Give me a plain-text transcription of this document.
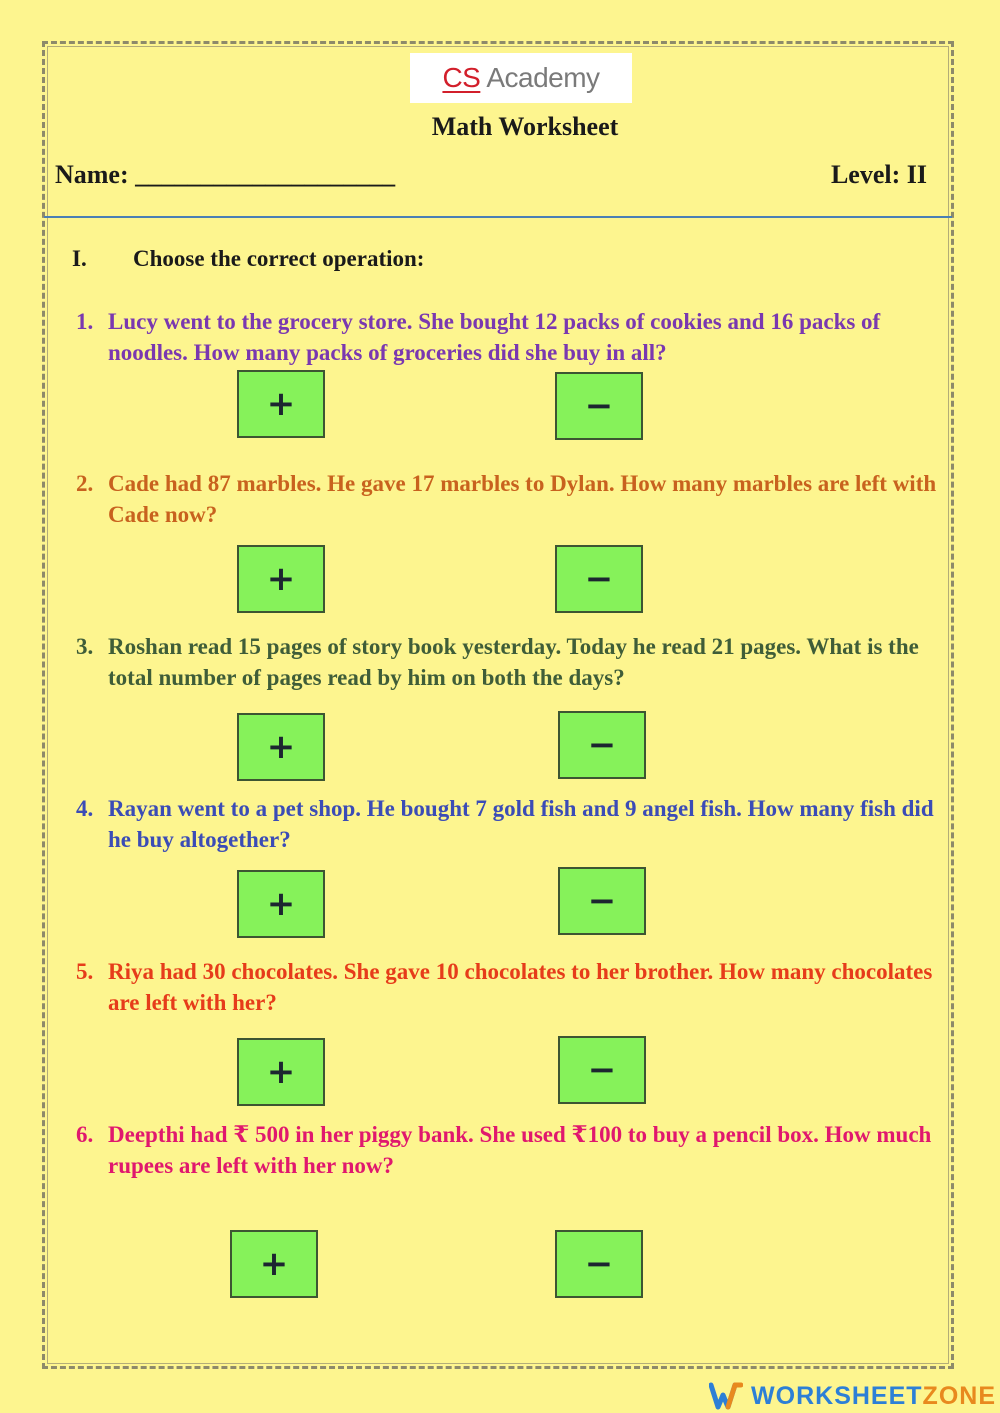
CS Academy
Math Worksheet
Name: ____________________	Level: II
I. Choose the correct operation:
1. Lucy went to the grocery store. She bought 12 packs of cookies and 16 packs of noodles. How many packs of groceries did she buy in all?
+	−
2. Cade had 87 marbles. He gave 17 marbles to Dylan. How many marbles are left with Cade now?
+	−
3. Roshan read 15 pages of story book yesterday. Today he read 21 pages. What is the total number of pages read by him on both the days?
+	−
4. Rayan went to a pet shop. He bought 7 gold fish and 9 angel fish. How many fish did he buy altogether?
+	−
5. Riya had 30 chocolates. She gave 10 chocolates to her brother. How many chocolates are left with her?
+	−
6. Deepthi had ₹ 500 in her piggy bank. She used ₹100 to buy a pencil box. How much rupees are left with her now?
+	−
WORKSHEET ZONE
